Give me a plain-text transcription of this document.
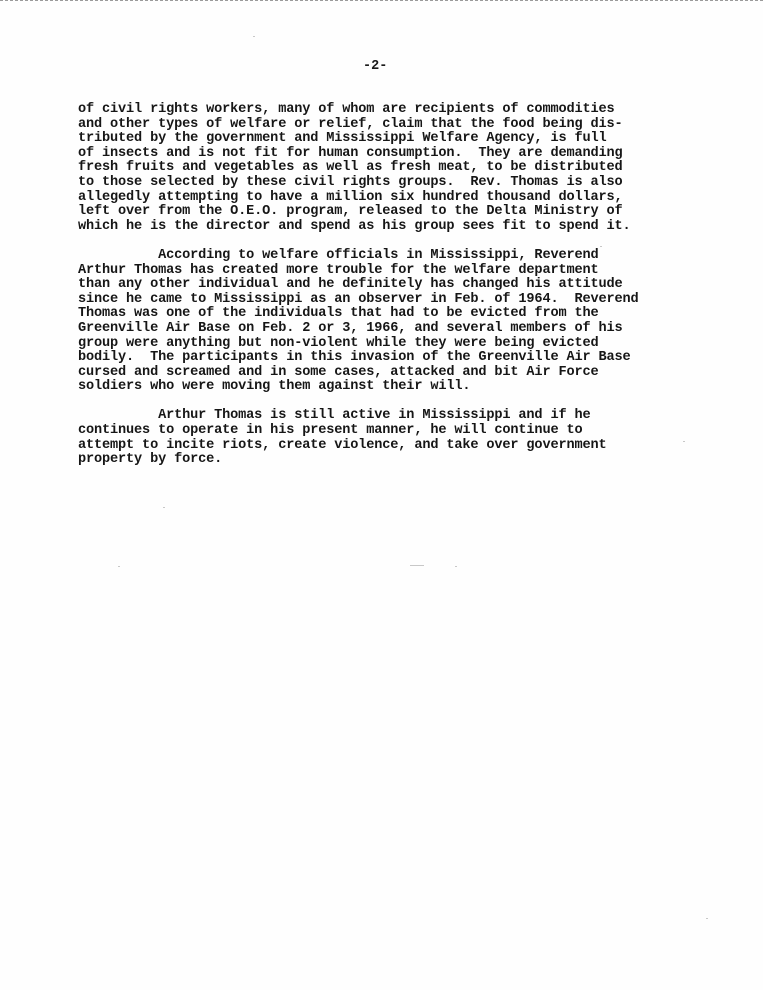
-2-
of civil rights workers, many of whom are recipients of commodities
and other types of welfare or relief, claim that the food being dis-
tributed by the government and Mississippi Welfare Agency, is full
of insects and is not fit for human consumption.  They are demanding
fresh fruits and vegetables as well as fresh meat, to be distributed
to those selected by these civil rights groups.  Rev. Thomas is also
allegedly attempting to have a million six hundred thousand dollars,
left over from the O.E.O. program, released to the Delta Ministry of
which he is the director and spend as his group sees fit to spend it.
According to welfare officials in Mississippi, Reverend
Arthur Thomas has created more trouble for the welfare department
than any other individual and he definitely has changed his attitude
since he came to Mississippi as an observer in Feb. of 1964.  Reverend
Thomas was one of the individuals that had to be evicted from the
Greenville Air Base on Feb. 2 or 3, 1966, and several members of his
group were anything but non-violent while they were being evicted
bodily.  The participants in this invasion of the Greenville Air Base
cursed and screamed and in some cases, attacked and bit Air Force
soldiers who were moving them against their will.
Arthur Thomas is still active in Mississippi and if he
continues to operate in his present manner, he will continue to
attempt to incite riots, create violence, and take over government
property by force.
